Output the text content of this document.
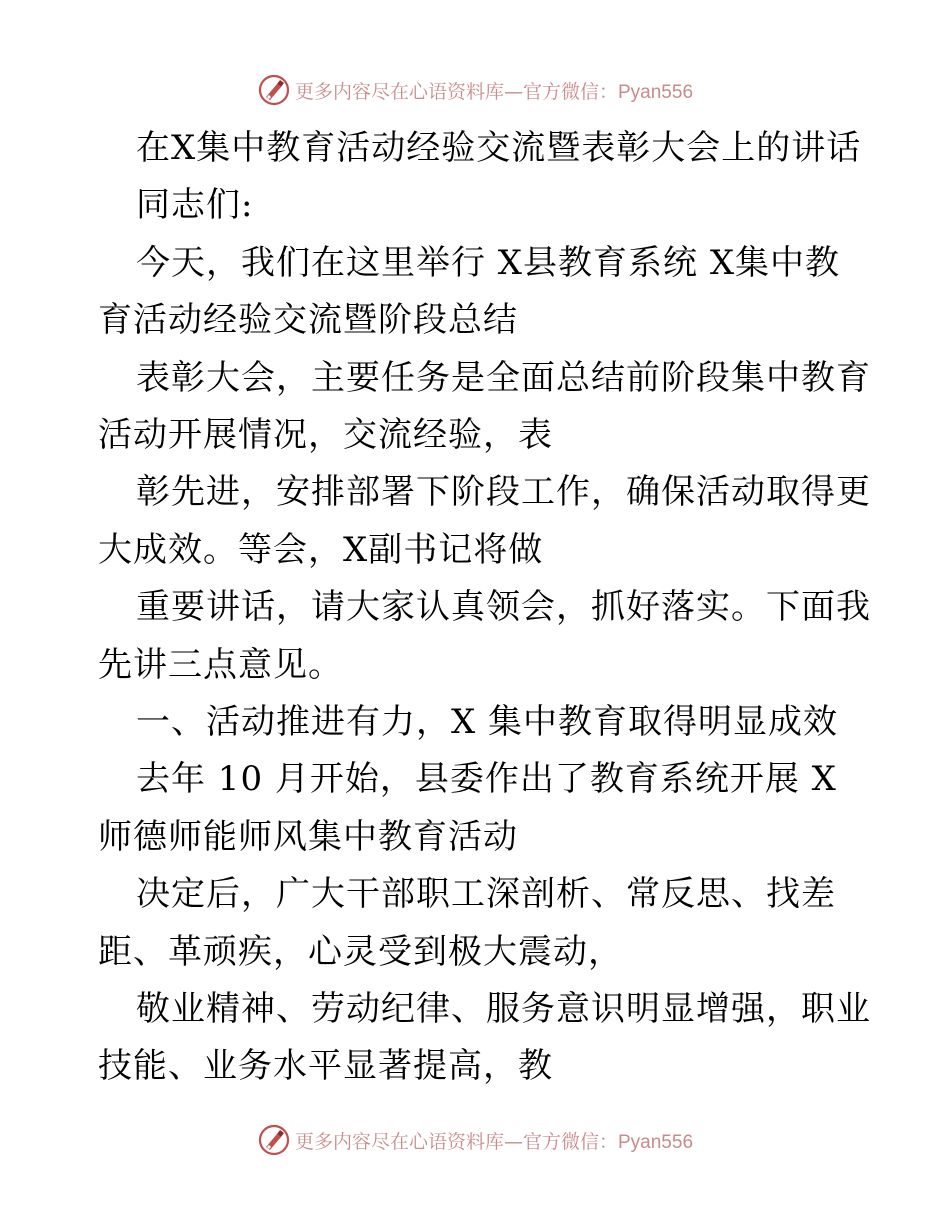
更多内容尽在心语资料库—官方微信：Pyan556
在X集中教育活动经验交流暨表彰大会上的讲话
同志们:
今天，我们在这里举行 X县教育系统 X集中教
育活动经验交流暨阶段总结
表彰大会，主要任务是全面总结前阶段集中教育
活动开展情况，交流经验，表
彰先进，安排部署下阶段工作，确保活动取得更
大成效。等会，X副书记将做
重要讲话，请大家认真领会，抓好落实。下面我
先讲三点意见。
一、活动推进有力，X 集中教育取得明显成效
去年 10 月开始，县委作出了教育系统开展 X
师德师能师风集中教育活动
决定后，广大干部职工深剖析、常反思、找差
距、革顽疾，心灵受到极大震动，
敬业精神、劳动纪律、服务意识明显增强，职业
技能、业务水平显著提高，教
更多内容尽在心语资料库—官方微信：Pyan556
